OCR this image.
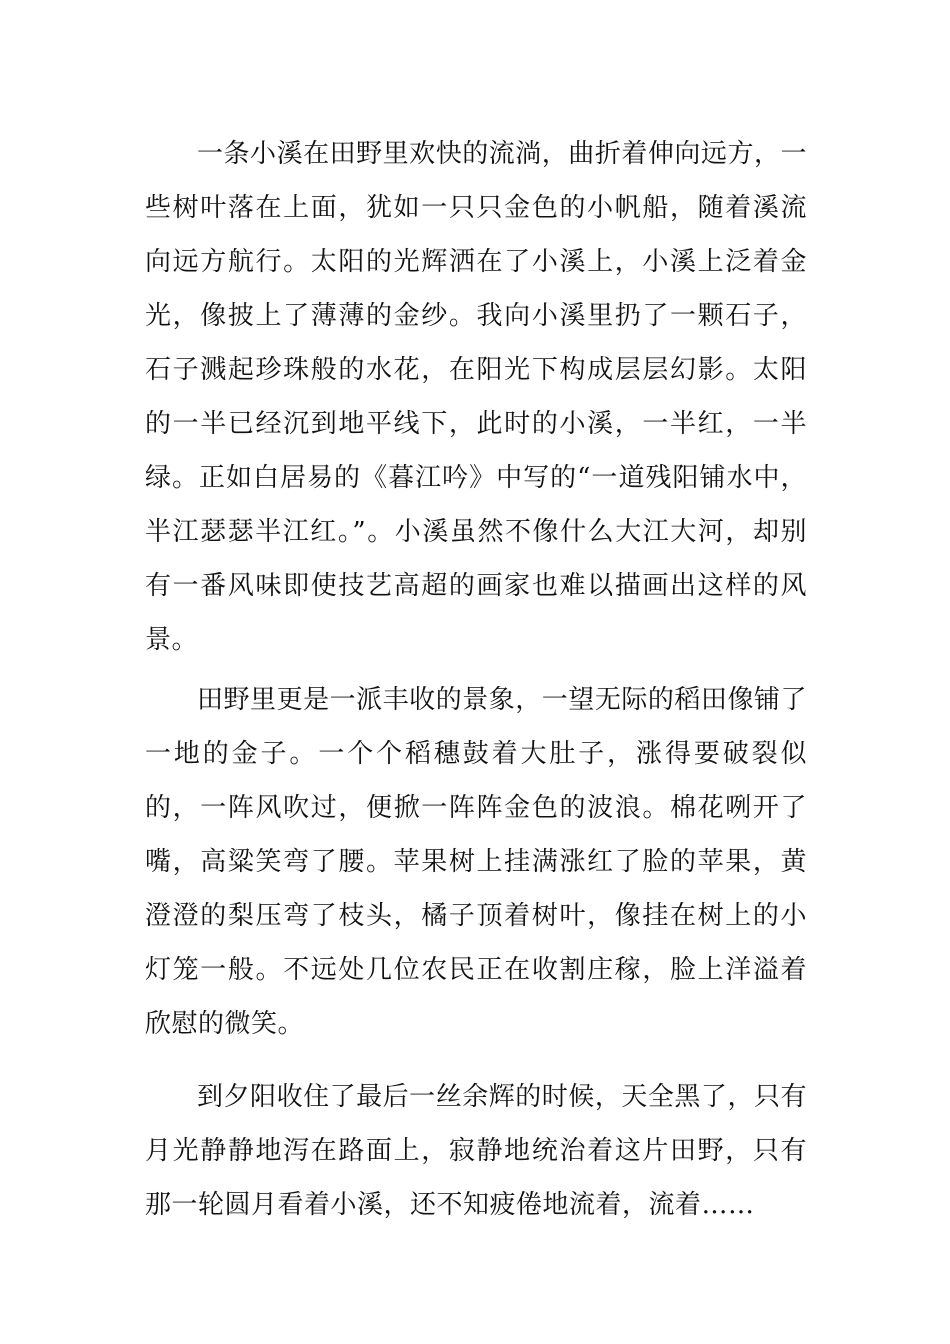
一条小溪在田野里欢快的流淌，曲折着伸向远方，一些树叶落在上面，犹如一只只金色的小帆船，随着溪流向远方航行。太阳的光辉洒在了小溪上，小溪上泛着金光，像披上了薄薄的金纱。我向小溪里扔了一颗石子，石子溅起珍珠般的水花，在阳光下构成层层幻影。太阳的一半已经沉到地平线下，此时的小溪，一半红，一半绿。正如白居易的《暮江吟》中写的“一道残阳铺水中，半江瑟瑟半江红。”。小溪虽然不像什么大江大河，却别有一番风味即使技艺高超的画家也难以描画出这样的风景。

田野里更是一派丰收的景象，一望无际的稻田像铺了一地的金子。一个个稻穗鼓着大肚子，涨得要破裂似的，一阵风吹过，便掀一阵阵金色的波浪。棉花咧开了嘴，高粱笑弯了腰。苹果树上挂满涨红了脸的苹果，黄澄澄的梨压弯了枝头，橘子顶着树叶，像挂在树上的小灯笼一般。不远处几位农民正在收割庄稼，脸上洋溢着欣慰的微笑。

到夕阳收住了最后一丝余辉的时候，天全黑了，只有月光静静地泻在路面上，寂静地统治着这片田野，只有那一轮圆月看着小溪，还不知疲倦地流着，流着……
